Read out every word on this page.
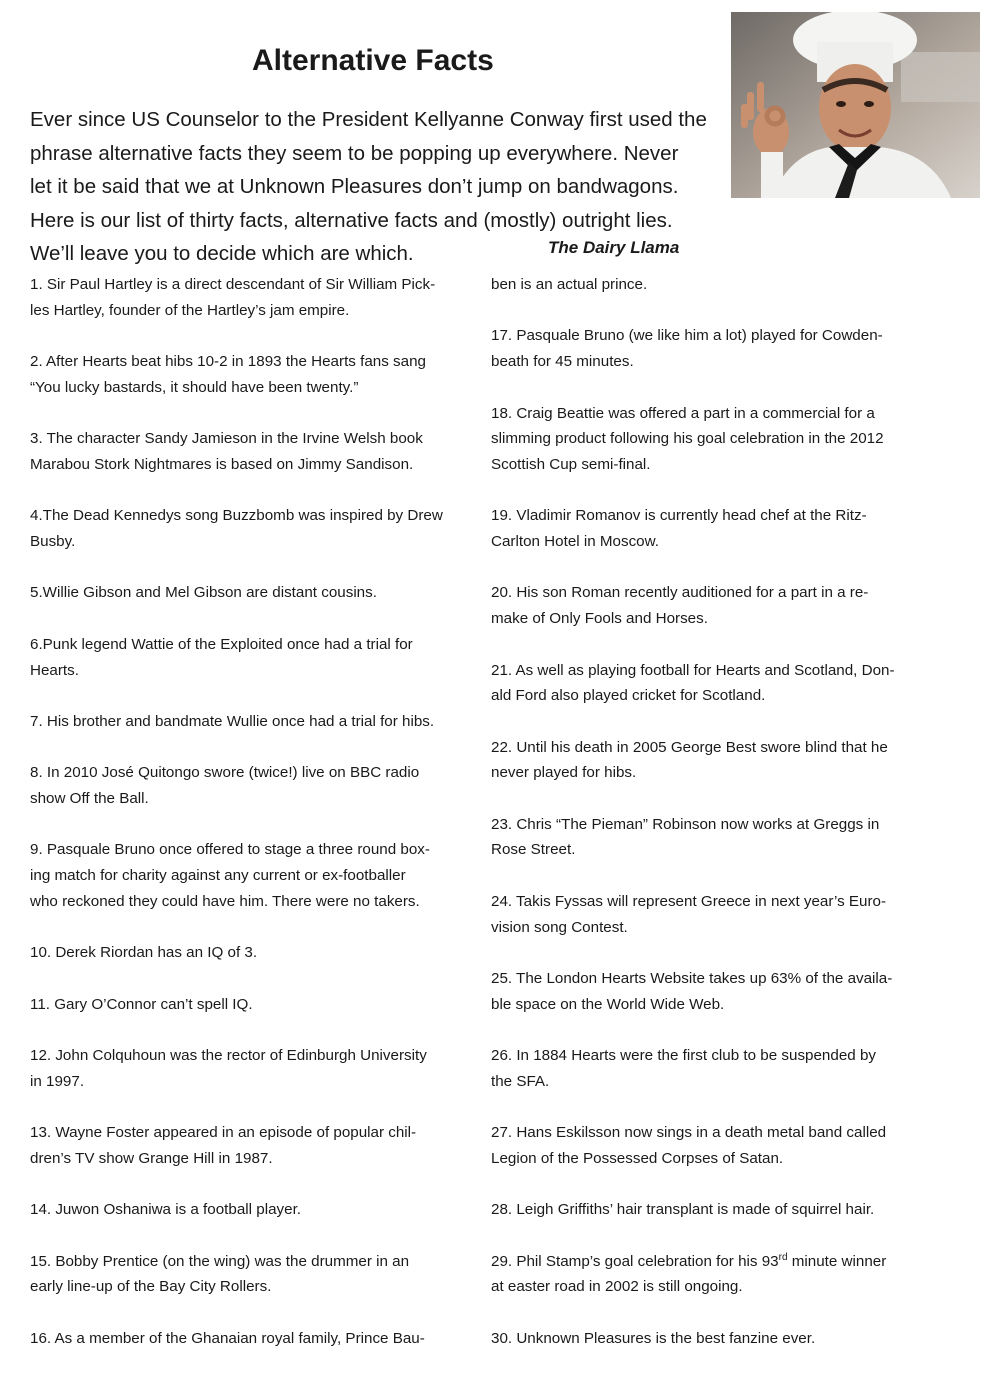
Alternative Facts
Ever since US Counselor to the President Kellyanne Conway first used the
phrase alternative facts they seem to be popping up everywhere. Never
let it be said that we at Unknown Pleasures don’t jump on bandwagons.
Here is our list of thirty facts, alternative facts and (mostly) outright lies.
We’ll leave you to decide which are which.	The Dairy Llama
1. Sir Paul Hartley is a direct descendant of Sir William Pick-
les Hartley, founder of the Hartley’s jam empire.
2. After Hearts beat hibs 10-2 in 1893 the Hearts fans sang
“You lucky bastards, it should have been twenty.”
3. The character Sandy Jamieson in the Irvine Welsh book
Marabou Stork Nightmares is based on Jimmy Sandison.
4.The Dead Kennedys song Buzzbomb was inspired by Drew
Busby.
5.Willie Gibson and Mel Gibson are distant cousins.
6.Punk legend Wattie of the Exploited once had a trial for
Hearts.
7. His brother and bandmate Wullie once had a trial for hibs.
8. In 2010 José Quitongo swore (twice!) live on BBC radio
show Off the Ball.
9. Pasquale Bruno once offered to stage a three round box-
ing match for charity against any current or ex-footballer
who reckoned they could have him. There were no takers.
10. Derek Riordan has an IQ of 3.
11. Gary O’Connor can’t spell IQ.
12. John Colquhoun was the rector of Edinburgh University
in 1997.
13. Wayne Foster appeared in an episode of popular chil-
dren’s TV show Grange Hill in 1987.
14. Juwon Oshaniwa is a football player.
15. Bobby Prentice (on the wing) was the drummer in an
early line-up of the Bay City Rollers.
16. As a member of the Ghanaian royal family, Prince Bau-
ben is an actual prince.
17. Pasquale Bruno (we like him a lot) played for Cowden-
beath for 45 minutes.
18. Craig Beattie was offered a part in a commercial for a
slimming product following his goal celebration in the 2012
Scottish Cup semi-final.
19. Vladimir Romanov is currently head chef at the Ritz-
Carlton Hotel in Moscow.
20. His son Roman recently auditioned for a part in a re-
make of Only Fools and Horses.
21. As well as playing football for Hearts and Scotland, Don-
ald Ford also played cricket for Scotland.
22. Until his death in 2005 George Best swore blind that he
never played for hibs.
23. Chris “The Pieman” Robinson now works at Greggs in
Rose Street.
24. Takis Fyssas will represent Greece in next year’s Euro-
vision song Contest.
25. The London Hearts Website takes up 63% of the availa-
ble space on the World Wide Web.
26. In 1884 Hearts were the first club to be suspended by
the SFA.
27. Hans Eskilsson now sings in a death metal band called
Legion of the Possessed Corpses of Satan.
28. Leigh Griffiths’ hair transplant is made of squirrel hair.
29. Phil Stamp’s goal celebration for his 93rd minute winner
at easter road in 2002 is still ongoing.
30. Unknown Pleasures is the best fanzine ever.
